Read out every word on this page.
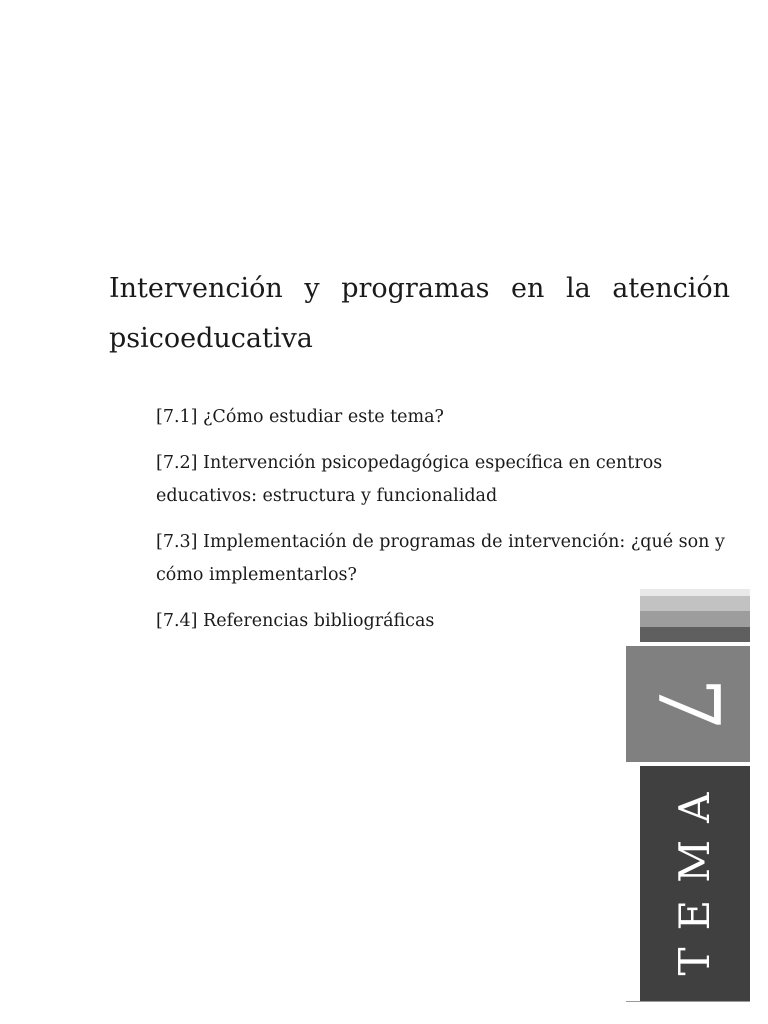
Intervención y programas en la atención psicoeducativa
[7.1] ¿Cómo estudiar este tema?
[7.2] Intervención psicopedagógica específica en centros educativos: estructura y funcionalidad
[7.3] Implementación de programas de intervención: ¿qué son y cómo implementarlos?
[7.4] Referencias bibliográficas
7
TEMA
